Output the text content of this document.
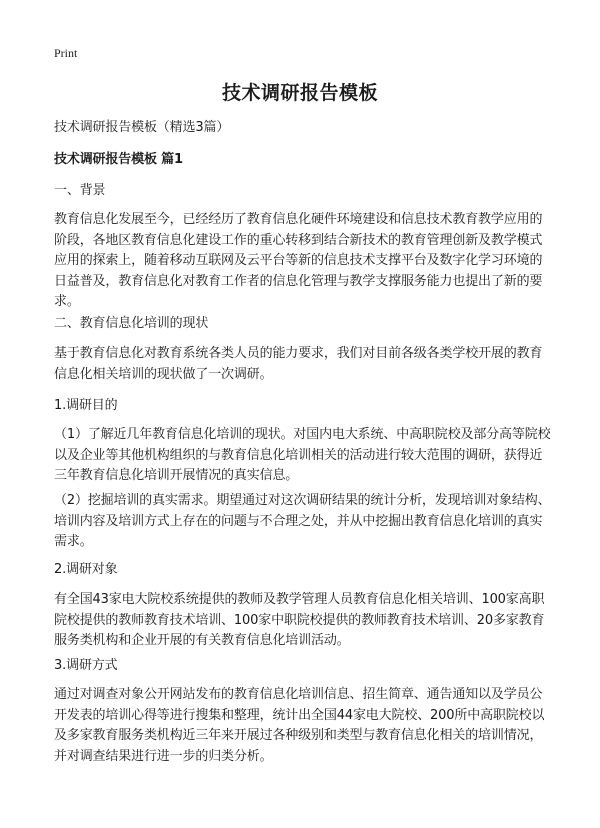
Print
技术调研报告模板
技术调研报告模板（精选3篇）
技术调研报告模板 篇1
一、背景
教育信息化发展至今，已经经历了教育信息化硬件环境建设和信息技术教育教学应用的阶段，各地区教育信息化建设工作的重心转移到结合新技术的教育管理创新及教学模式应用的探索上，随着移动互联网及云平台等新的信息技术支撑平台及数字化学习环境的日益普及，教育信息化对教育工作者的信息化管理与教学支撑服务能力也提出了新的要求。
二、教育信息化培训的现状
基于教育信息化对教育系统各类人员的能力要求，我们对目前各级各类学校开展的教育信息化相关培训的现状做了一次调研。
1.调研目的
（1）了解近几年教育信息化培训的现状。对国内电大系统、中高职院校及部分高等院校以及企业等其他机构组织的与教育信息化培训相关的活动进行较大范围的调研，获得近三年教育信息化培训开展情况的真实信息。
（2）挖掘培训的真实需求。期望通过对这次调研结果的统计分析，发现培训对象结构、培训内容及培训方式上存在的问题与不合理之处，并从中挖掘出教育信息化培训的真实需求。
2.调研对象
有全国43家电大院校系统提供的教师及教学管理人员教育信息化相关培训、100家高职院校提供的教师教育技术培训、100家中职院校提供的教师教育技术培训、20多家教育服务类机构和企业开展的有关教育信息化培训活动。
3.调研方式
通过对调查对象公开网站发布的教育信息化培训信息、招生简章、通告通知以及学员公开发表的培训心得等进行搜集和整理，统计出全国44家电大院校、200所中高职院校以及多家教育服务类机构近三年来开展过各种级别和类型与教育信息化相关的培训情况，并对调查结果进行进一步的归类分析。
